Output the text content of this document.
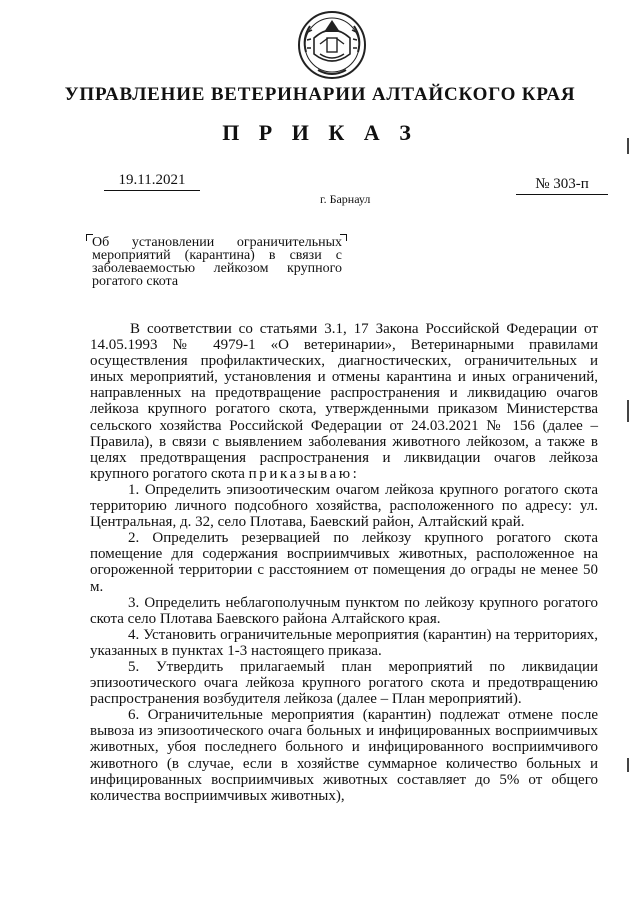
УПРАВЛЕНИЕ ВЕТЕРИНАРИИ АЛТАЙСКОГО КРАЯ
П Р И К А З
19.11.2021	№ 303-п
г. Барнаул
Об установлении ограничительных мероприятий (карантина) в связи с заболеваемостью лейкозом крупного рогатого скота

В соответствии со статьями 3.1, 17 Закона Российской Федерации от 14.05.1993 № 4979-1 «О ветеринарии», Ветеринарными правилами осуществления профилактических, диагностических, ограничительных и иных мероприятий, установления и отмены карантина и иных ограничений, направленных на предотвращение распространения и ликвидацию очагов лейкоза крупного рогатого скота, утвержденными приказом Министерства сельского хозяйства Российской Федерации от 24.03.2021 № 156 (далее – Правила), в связи с выявлением заболевания животного лейкозом, а также в целях предотвращения распространения и ликвидации очагов лейкоза крупного рогатого скота приказываю:

1. Определить эпизоотическим очагом лейкоза крупного рогатого скота территорию личного подсобного хозяйства, расположенного по адресу: ул. Центральная, д. 32, село Плотава, Баевский район, Алтайский край.

2. Определить резервацией по лейкозу крупного рогатого скота помещение для содержания восприимчивых животных, расположенное на огороженной территории с расстоянием от помещения до ограды не менее 50 м.

3. Определить неблагополучным пунктом по лейкозу крупного рогатого скота село Плотава Баевского района Алтайского края.

4. Установить ограничительные мероприятия (карантин) на территориях, указанных в пунктах 1-3 настоящего приказа.

5. Утвердить прилагаемый план мероприятий по ликвидации эпизоотического очага лейкоза крупного рогатого скота и предотвращению распространения возбудителя лейкоза (далее – План мероприятий).

6. Ограничительные мероприятия (карантин) подлежат отмене после вывоза из эпизоотического очага больных и инфицированных восприимчивых животных, убоя последнего больного и инфицированного восприимчивого животного (в случае, если в хозяйстве суммарное количество больных и инфицированных восприимчивых животных составляет до 5% от общего количества восприимчивых животных),
